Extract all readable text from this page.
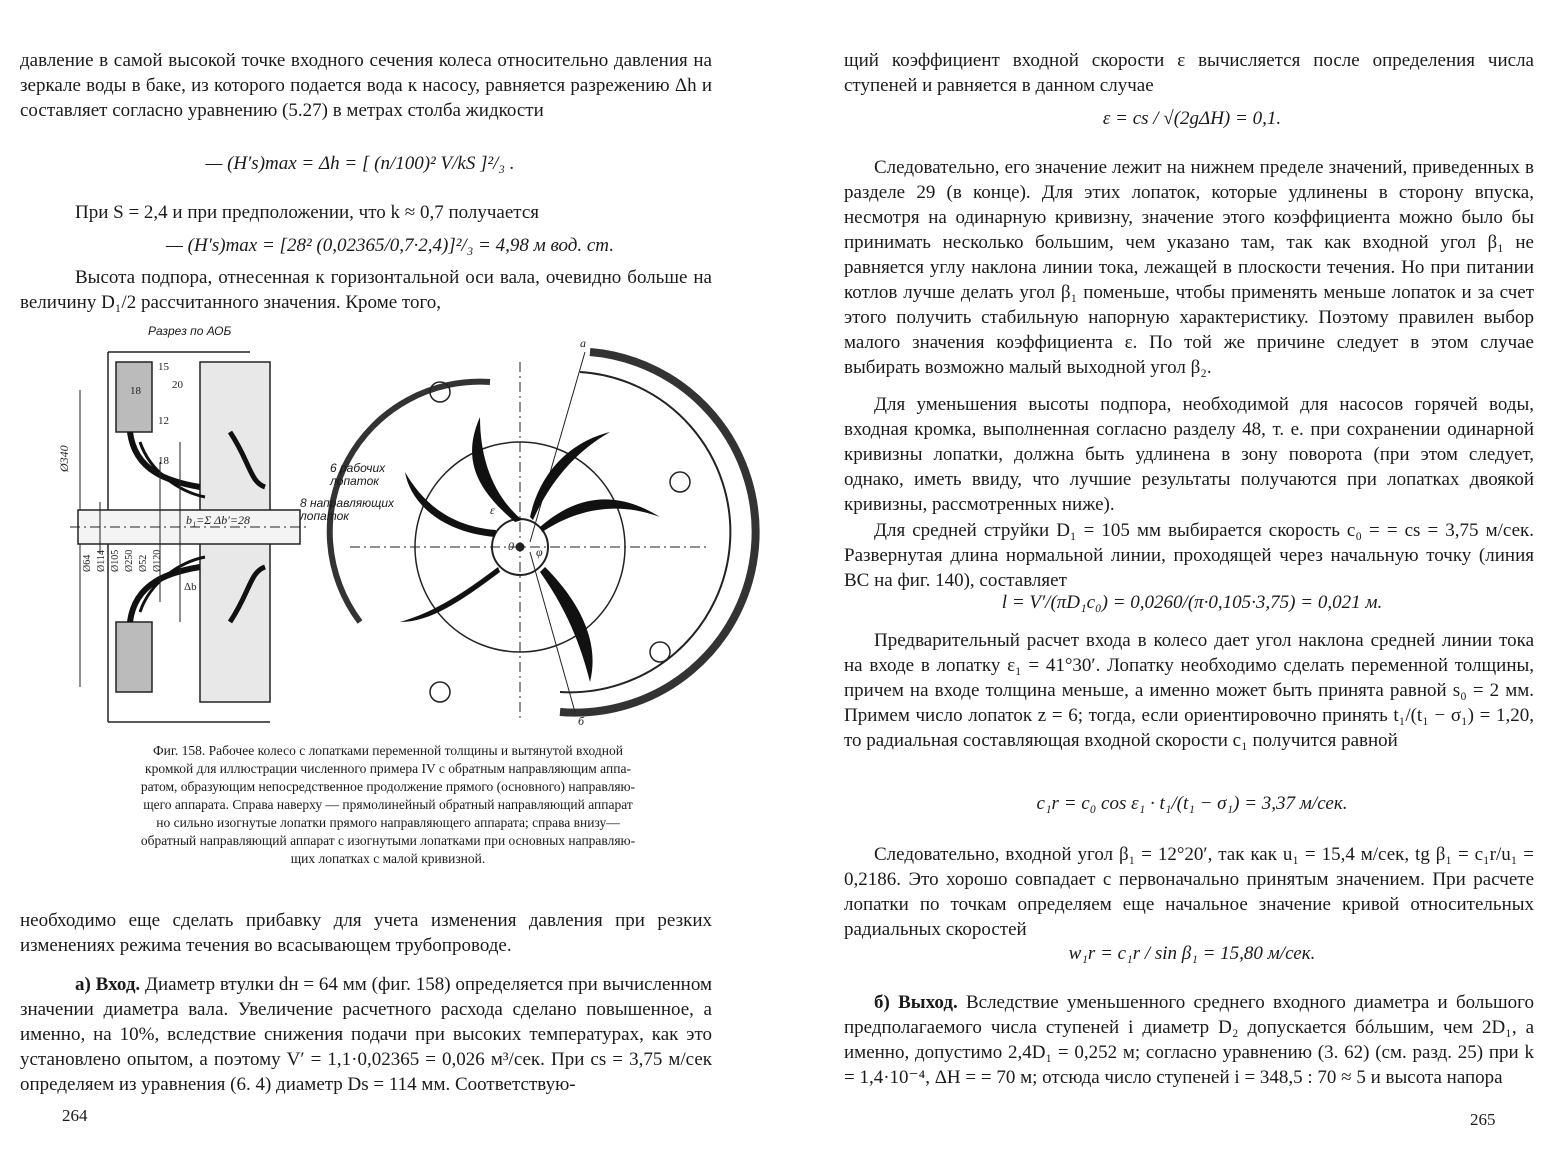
давление в самой высокой точке входного сечения колеса относительно давления на зеркале воды в баке, из которого подается вода к насосу, равняется разрежению Δh и составляет согласно уравнению (5.27) в метрах столба жидкости

— (H′s)max = Δh = [ (n/100)² V/kS ]²/₃ .

При S = 2,4 и при предположении, что k ≈ 0,7 получается

— (H′s)max = [28² (0,02365/0,7·2,4)]²/₃ = 4,98 м вод. ст.

Высота подпора, отнесенная к горизонтальной оси вала, очевидно больше на величину D₁/2 рассчитанного значения. Кроме того,

Разрез по ΑΟБ
Ø340
15
20
18
12
18
Δb
Ø64 Ø114 Ø105 Ø250 Ø52 Ø120
b₁=Σ Δb′=28
а
б
0 φ
ε
6 рабочих лопаток
8 направляющих лопаток
Фиг. 158. Рабочее колесо с лопатками переменной толщины и вытянутой входной
кромкой для иллюстрации численного примера IV с обратным направляющим аппа-
ратом, образующим непосредственное продолжение прямого (основного) направляю-
щего аппарата. Справа наверху — прямолинейный обратный направляющий аппарат
но сильно изогнутые лопатки прямого направляющего аппарата; справа внизу—
обратный направляющий аппарат с изогнутыми лопатками при основных направляю-
щих лопатках с малой кривизной.

необходимо еще сделать прибавку для учета изменения давления при резких изменениях режима течения во всасывающем трубопроводе.

а) Вход. Диаметр втулки dн = 64 мм (фиг. 158) определяется при вычисленном значении диаметра вала. Увеличение расчетного расхода сделано повышенное, а именно, на 10%, вследствие снижения подачи при высоких температурах, как это установлено опытом, а поэтому V′ = 1,1·0,02365 = 0,026 м³/сек. При cs = 3,75 м/сек определяем из уравнения (6. 4) диаметр Ds = 114 мм. Соответствую-

264

щий коэффициент входной скорости ε вычисляется после определения числа ступеней и равняется в данном случае

ε = cs / √(2gΔH) = 0,1.

Следовательно, его значение лежит на нижнем пределе значений, приведенных в разделе 29 (в конце). Для этих лопаток, которые удлинены в сторону впуска, несмотря на одинарную кривизну, значение этого коэффициента можно было бы принимать несколько большим, чем указано там, так как входной угол β₁ не равняется углу наклона линии тока, лежащей в плоскости течения. Но при питании котлов лучше делать угол β₁ поменьше, чтобы применять меньше лопаток и за счет этого получить стабильную напорную характеристику. Поэтому правилен выбор малого значения коэффициента ε. По той же причине следует в этом случае выбирать возможно малый выходной угол β₂.

Для уменьшения высоты подпора, необходимой для насосов горячей воды, входная кромка, выполненная согласно разделу 48, т. е. при сохранении одинарной кривизны лопатки, должна быть удлинена в зону поворота (при этом следует, однако, иметь ввиду, что лучшие результаты получаются при лопатках двоякой кривизны, рассмотренных ниже).

Для средней струйки D₁ = 105 мм выбирается скорость c₀ = = cs = 3,75 м/сек. Развернутая длина нормальной линии, проходящей через начальную точку (линия BC на фиг. 140), составляет

l = V′/(πD₁c₀) = 0,0260/(π·0,105·3,75) = 0,021 м.

Предварительный расчет входа в колесо дает угол наклона средней линии тока на входе в лопатку ε₁ = 41°30′. Лопатку необходимо сделать переменной толщины, причем на входе толщина меньше, а именно может быть принята равной s₀ = 2 мм. Примем число лопаток z = 6; тогда, если ориентировочно принять t₁/(t₁ − σ₁) = 1,20, то радиальная составляющая входной скорости c₁ получится равной

c₁r = c₀ cos ε₁ · t₁/(t₁ − σ₁) = 3,37 м/сек.

Следовательно, входной угол β₁ = 12°20′, так как u₁ = 15,4 м/сек, tg β₁ = c₁r/u₁ = 0,2186. Это хорошо совпадает с первоначально принятым значением. При расчете лопатки по точкам определяем еще начальное значение кривой относительных радиальных скоростей

w₁r = c₁r / sin β₁ = 15,80 м/сек.

б) Выход. Вследствие уменьшенного среднего входного диаметра и большого предполагаемого числа ступеней i диаметр D₂ допускается бóльшим, чем 2D₁, а именно, допустимо 2,4D₁ = 0,252 м; согласно уравнению (3. 62) (см. разд. 25) при k = 1,4·10⁻⁴, ΔH = = 70 м; отсюда число ступеней i = 348,5 : 70 ≈ 5 и высота напора

265
